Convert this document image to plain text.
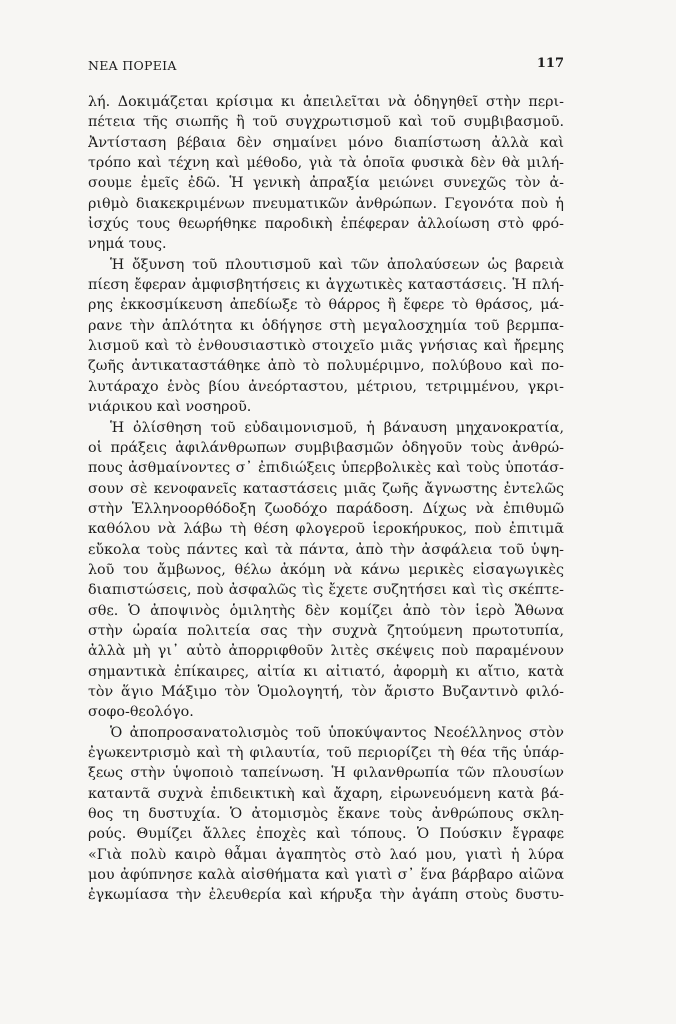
ΝΕΑ ΠΟΡΕΙΑ	117
λή. Δοκιμάζεται κρίσιμα κι ἀπειλεῖται νὰ ὁδηγηθεῖ στὴν περι-
πέτεια τῆς σιωπῆς ἢ τοῦ συγχρωτισμοῦ καὶ τοῦ συμβιβασμοῦ.
Ἀντίσταση βέβαια δὲν σημαίνει μόνο διαπίστωση ἀλλὰ καὶ
τρόπο καὶ τέχνη καὶ μέθοδο, γιὰ τὰ ὁποῖα φυσικὰ δὲν θὰ μιλή-
σουμε ἐμεῖς ἐδῶ. Ἡ γενικὴ ἀπραξία μειώνει συνεχῶς τὸν ἀ-
ριθμὸ διακεκριμένων πνευματικῶν ἀνθρώπων. Γεγονότα ποὺ ἡ
ἰσχύς τους θεωρήθηκε παροδικὴ ἐπέφεραν ἀλλοίωση στὸ φρό-
νημά τους.
Ἡ ὄξυνση τοῦ πλουτισμοῦ καὶ τῶν ἀπολαύσεων ὡς βαρειὰ
πίεση ἔφεραν ἀμφισβητήσεις κι ἀγχωτικὲς καταστάσεις. Ἡ πλή-
ρης ἐκκοσμίκευση ἀπεδίωξε τὸ θάρρος ἢ ἔφερε τὸ θράσος, μά-
ρανε τὴν ἁπλότητα κι ὁδήγησε στὴ μεγαλοσχημία τοῦ βερμπα-
λισμοῦ καὶ τὸ ἐνθουσιαστικὸ στοιχεῖο μιᾶς γνήσιας καὶ ἤρεμης
ζωῆς ἀντικαταστάθηκε ἀπὸ τὸ πολυμέριμνο, πολύβουο καὶ πο-
λυτάραχο ἑνὸς βίου ἀνεόρταστου, μέτριου, τετριμμένου, γκρι-
νιάρικου καὶ νοσηροῦ.
Ἡ ὀλίσθηση τοῦ εὐδαιμονισμοῦ, ἡ βάναυση μηχανοκρατία,
οἱ πράξεις ἀφιλάνθρωπων συμβιβασμῶν ὁδηγοῦν τοὺς ἀνθρώ-
πους ἀσθμαίνοντες σ᾽ ἐπιδιώξεις ὑπερβολικὲς καὶ τοὺς ὑποτάσ-
σουν σὲ κενοφανεῖς καταστάσεις μιᾶς ζωῆς ἄγνωστης ἐντελῶς
στὴν Ἑλληνοορθόδοξη ζωοδόχο παράδοση. Δίχως νὰ ἐπιθυμῶ
καθόλου νὰ λάβω τὴ θέση φλογεροῦ ἱεροκήρυκος, ποὺ ἐπιτιμᾶ
εὔκολα τοὺς πάντες καὶ τὰ πάντα, ἀπὸ τὴν ἀσφάλεια τοῦ ὑψη-
λοῦ του ἄμβωνος, θέλω ἀκόμη νὰ κάνω μερικὲς εἰσαγωγικὲς
διαπιστώσεις, ποὺ ἀσφαλῶς τὶς ἔχετε συζητήσει καὶ τὶς σκέπτε-
σθε. Ὁ ἀποψινὸς ὁμιλητὴς δὲν κομίζει ἀπὸ τὸν ἱερὸ Ἄθωνα
στὴν ὡραία πολιτεία σας τὴν συχνὰ ζητούμενη πρωτοτυπία,
ἀλλὰ μὴ γι᾽ αὐτὸ ἀπορριφθοῦν λιτὲς σκέψεις ποὺ παραμένουν
σημαντικὰ ἐπίκαιρες, αἰτία κι αἰτιατό, ἀφορμὴ κι αἴτιο, κατὰ
τὸν ἅγιο Μάξιμο τὸν Ὁμολογητή, τὸν ἄριστο Βυζαντινὸ φιλό-
σοφο-θεολόγο.
Ὁ ἀποπροσανατολισμὸς τοῦ ὑποκύψαντος Νεοέλληνος στὸν
ἐγωκεντρισμὸ καὶ τὴ φιλαυτία, τοῦ περιορίζει τὴ θέα τῆς ὑπάρ-
ξεως στὴν ὑψοποιὸ ταπείνωση. Ἡ φιλανθρωπία τῶν πλουσίων
καταντᾶ συχνὰ ἐπιδεικτικὴ καὶ ἄχαρη, εἰρωνευόμενη κατὰ βά-
θος τη δυστυχία. Ὁ ἀτομισμὸς ἔκανε τοὺς ἀνθρώπους σκλη-
ρούς. Θυμίζει ἄλλες ἐποχὲς καὶ τόπους. Ὁ Πούσκιν ἔγραφε
«Γιὰ πολὺ καιρὸ θἆμαι ἀγαπητὸς στὸ λαό μου, γιατὶ ἡ λύρα
μου ἀφύπνησε καλὰ αἰσθήματα καὶ γιατὶ σ᾽ ἕνα βάρβαρο αἰῶνα
ἐγκωμίασα τὴν ἐλευθερία καὶ κήρυξα τὴν ἀγάπη στοὺς δυστυ-
